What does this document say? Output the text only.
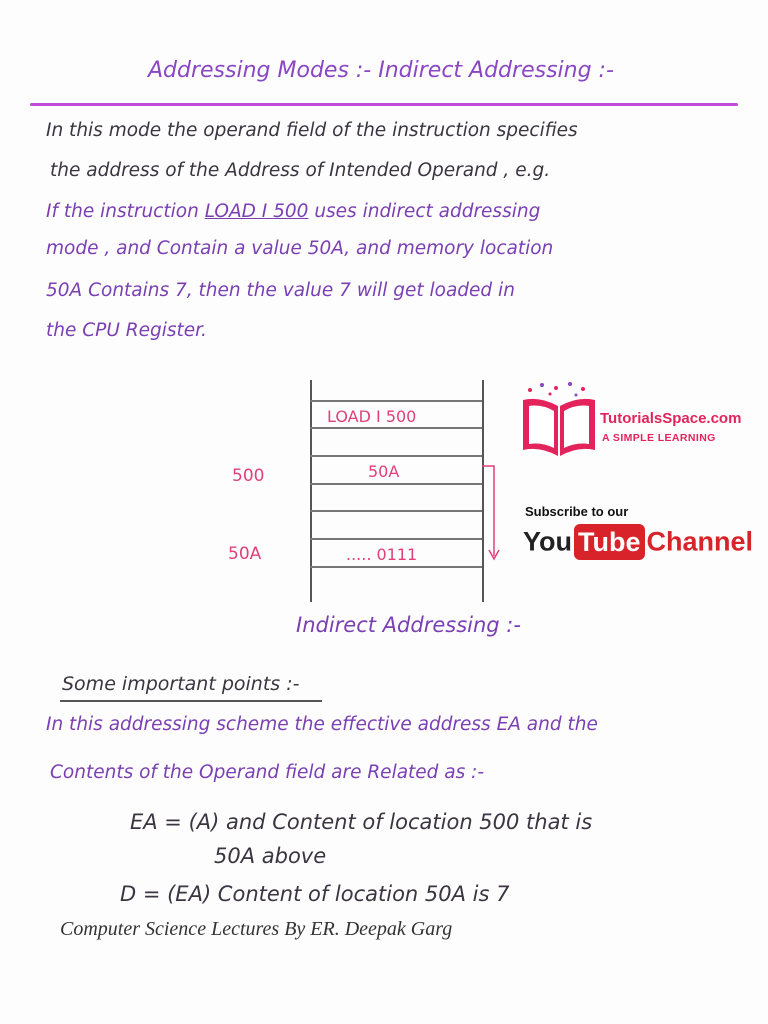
Addressing Modes :- Indirect Addressing :-
In this mode the operand field of the instruction specifies
the address of the Address of Intended Operand , e.g.
If the instruction LOAD I 500 uses indirect addressing
mode , and Contain a value 50A, and memory location
50A Contains 7, then the value 7 will get loaded in
the CPU Register.
LOAD I 500
50A
..... 0111
500
50A
TutorialsSpace.com
A SIMPLE LEARNING
Subscribe to our
You Tube Channel
Indirect Addressing :-
Some important points :-
In this addressing scheme the effective address EA and the
Contents of the Operand field are Related as :-
EA = (A) and Content of location 500 that is
50A above
D = (EA) Content of location 50A is 7
Computer Science Lectures By ER. Deepak Garg
